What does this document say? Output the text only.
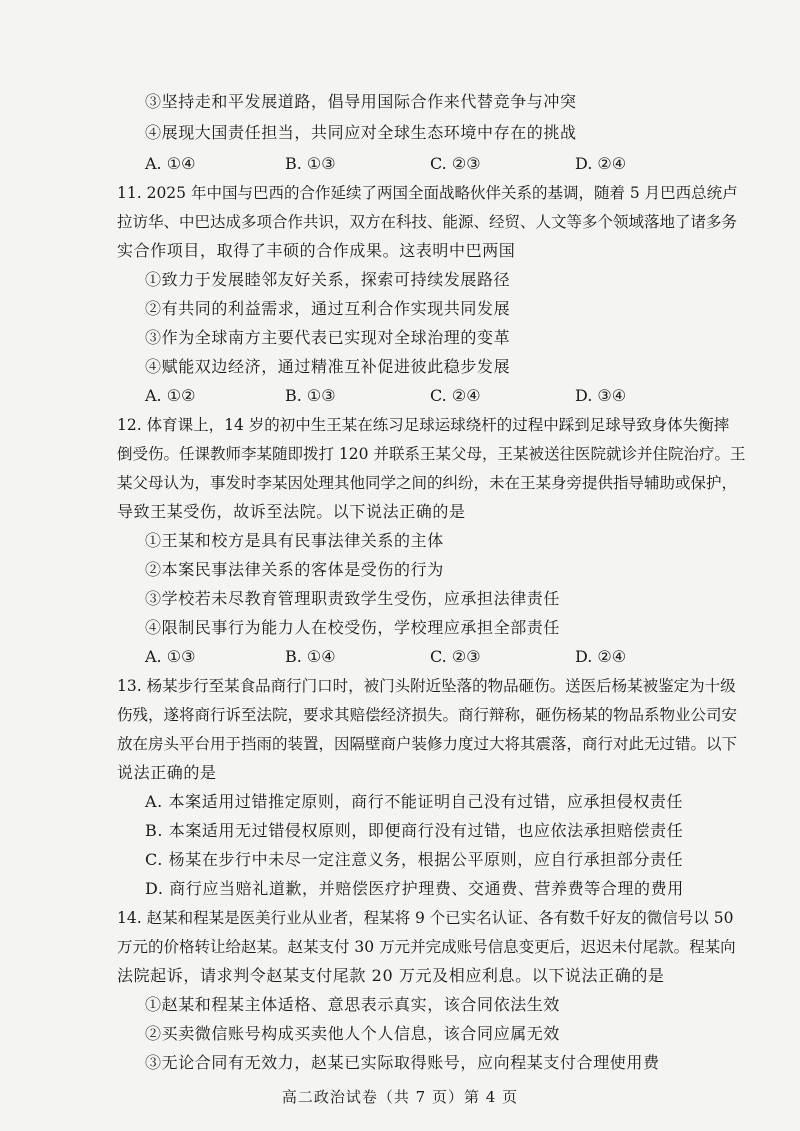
③坚持走和平发展道路，倡导用国际合作来代替竞争与冲突
④展现大国责任担当，共同应对全球生态环境中存在的挑战
A. ①④	B. ①③	C. ②③	D. ②④
11. 2025 年中国与巴西的合作延续了两国全面战略伙伴关系的基调，随着 5 月巴西总统卢
拉访华、中巴达成多项合作共识，双方在科技、能源、经贸、人文等多个领域落地了诸多务
实合作项目，取得了丰硕的合作成果。这表明中巴两国
①致力于发展睦邻友好关系，探索可持续发展路径
②有共同的利益需求，通过互利合作实现共同发展
③作为全球南方主要代表已实现对全球治理的变革
④赋能双边经济，通过精准互补促进彼此稳步发展
A. ①②	B. ①③	C. ②④	D. ③④
12. 体育课上，14 岁的初中生王某在练习足球运球绕杆的过程中踩到足球导致身体失衡摔
倒受伤。任课教师李某随即拨打 120 并联系王某父母，王某被送往医院就诊并住院治疗。王
某父母认为，事发时李某因处理其他同学之间的纠纷，未在王某身旁提供指导辅助或保护，
导致王某受伤，故诉至法院。以下说法正确的是
①王某和校方是具有民事法律关系的主体
②本案民事法律关系的客体是受伤的行为
③学校若未尽教育管理职责致学生受伤，应承担法律责任
④限制民事行为能力人在校受伤，学校理应承担全部责任
A. ①③	B. ①④	C. ②③	D. ②④
13. 杨某步行至某食品商行门口时，被门头附近坠落的物品砸伤。送医后杨某被鉴定为十级
伤残，遂将商行诉至法院，要求其赔偿经济损失。商行辩称，砸伤杨某的物品系物业公司安
放在房头平台用于挡雨的装置，因隔壁商户装修力度过大将其震落，商行对此无过错。以下
说法正确的是
A. 本案适用过错推定原则，商行不能证明自己没有过错，应承担侵权责任
B. 本案适用无过错侵权原则，即便商行没有过错，也应依法承担赔偿责任
C. 杨某在步行中未尽一定注意义务，根据公平原则，应自行承担部分责任
D. 商行应当赔礼道歉，并赔偿医疗护理费、交通费、营养费等合理的费用
14. 赵某和程某是医美行业从业者，程某将 9 个已实名认证、各有数千好友的微信号以 50
万元的价格转让给赵某。赵某支付 30 万元并完成账号信息变更后，迟迟未付尾款。程某向
法院起诉，请求判令赵某支付尾款 20 万元及相应利息。以下说法正确的是
①赵某和程某主体适格、意思表示真实，该合同依法生效
②买卖微信账号构成买卖他人个人信息，该合同应属无效
③无论合同有无效力，赵某已实际取得账号，应向程某支付合理使用费
高二政治试卷（共 7 页）第 4 页
